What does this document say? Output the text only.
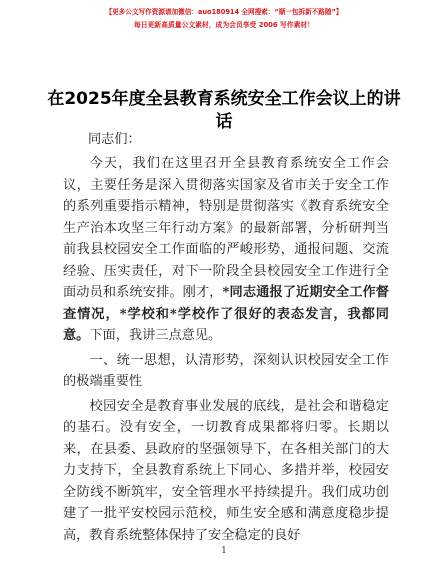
【更多公文写作资源请加微信：auo180914 全网搜索：“顺一包拆新不路随”】
每日更新高质量公文素材，成为会员享受 2006 写作素材！
在2025年度全县教育系统安全工作会议上的讲话
同志们：

今天，我们在这里召开全县教育系统安全工作会议，主要任务是深入贯彻落实国家及省市关于安全工作的系列重要指示精神，特别是贯彻落实《教育系统安全生产治本攻坚三年行动方案》的最新部署，分析研判当前我县校园安全工作面临的严峻形势，通报问题、交流经验、压实责任，对下一阶段全县校园安全工作进行全面动员和系统安排。刚才，*同志通报了近期安全工作督查情况，*学校和*学校作了很好的表态发言，我都同意。下面，我讲三点意见。

一、统一思想，认清形势，深刻认识校园安全工作的极端重要性

校园安全是教育事业发展的底线，是社会和谐稳定的基石。没有安全，一切教育成果都将归零。长期以来，在县委、县政府的坚强领导下，在各相关部门的大力支持下，全县教育系统上下同心、多措并举，校园安全防线不断筑牢，安全管理水平持续提升。我们成功创建了一批平安校园示范校，师生安全感和满意度稳步提高，教育系统整体保持了安全稳定的良好

1
